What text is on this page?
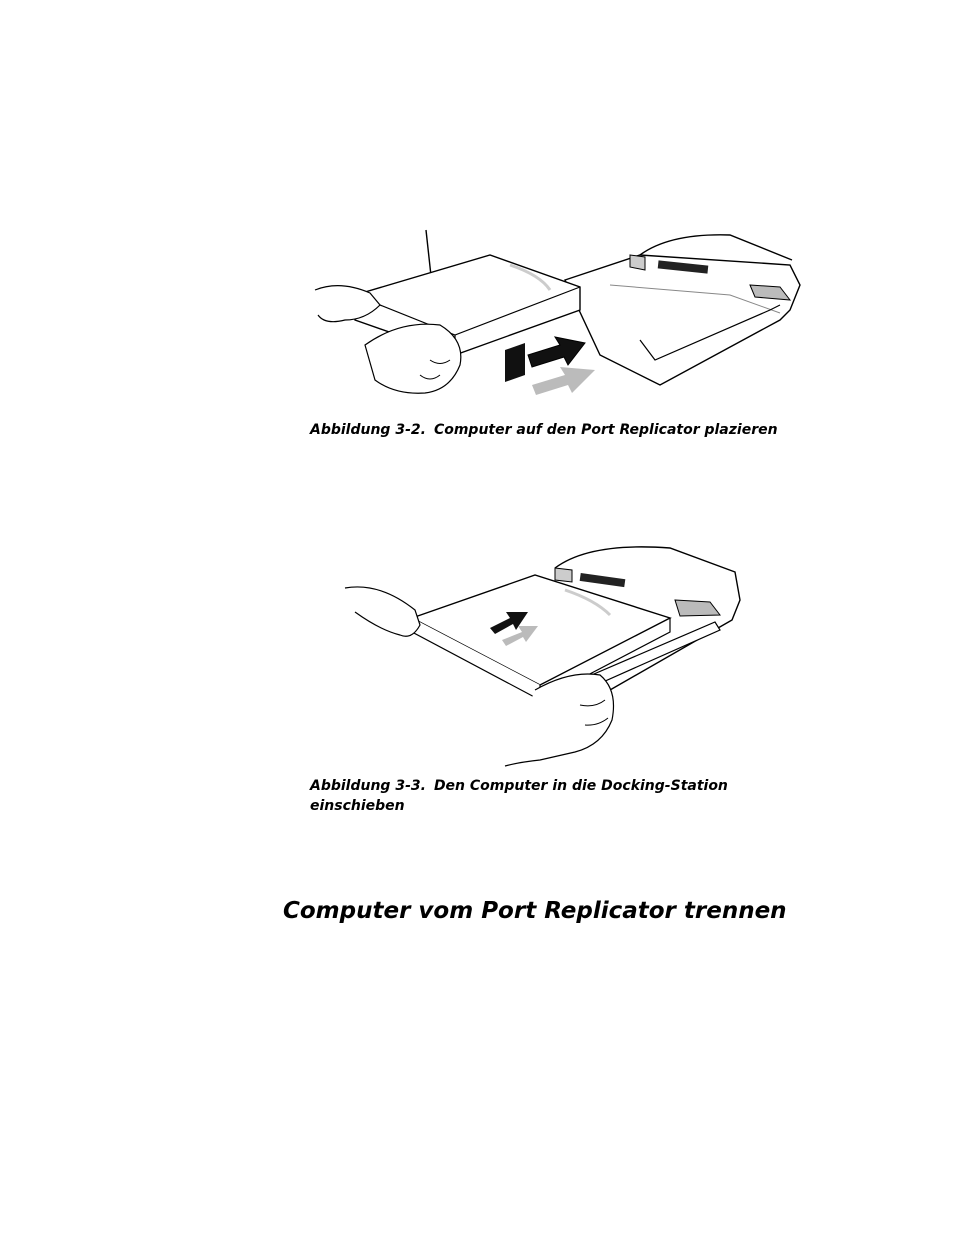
Abbildung 3-2. Computer auf den Port Replicator plazieren

Abbildung 3-3. Den Computer in die Docking-Station einschieben

Computer vom Port Replicator trennen
